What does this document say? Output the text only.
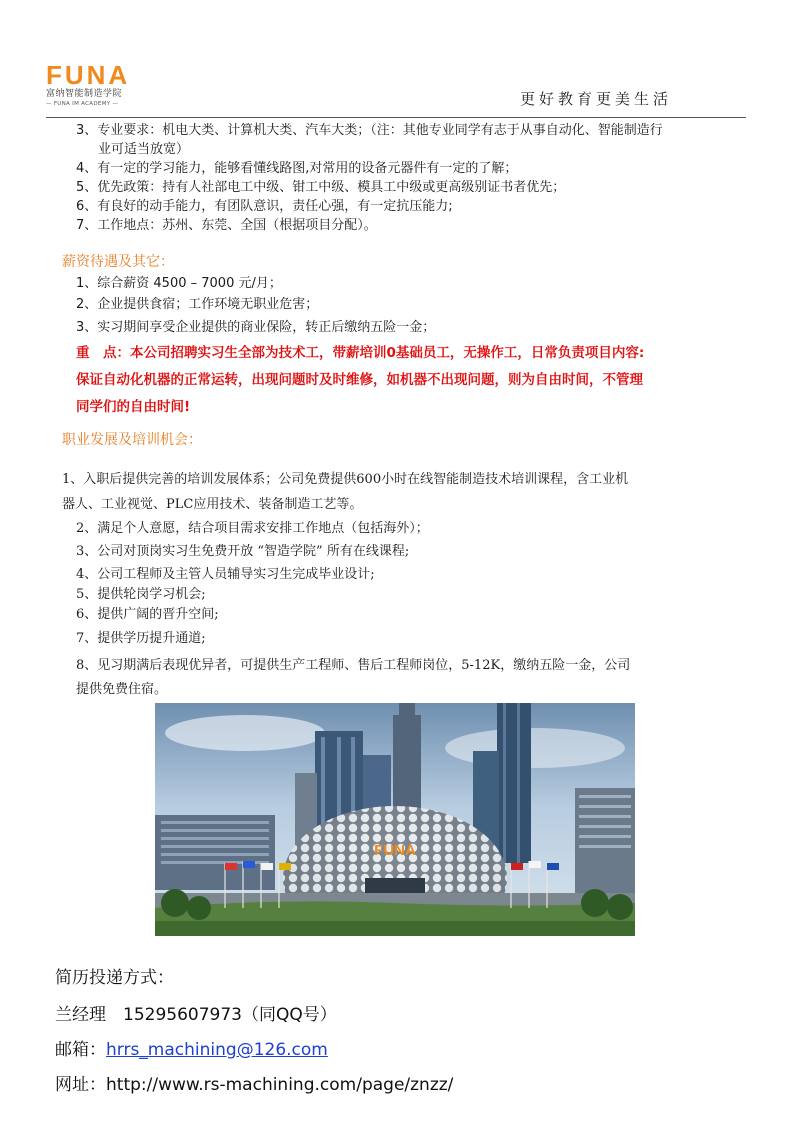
FUNA
富纳智能制造学院
— FUNA IM ACADEMY —	更好教育更美生活
3、专业要求：机电大类、计算机大类、汽车大类；（注：其他专业同学有志于从事自动化、智能制造行
业可适当放宽）
4、有一定的学习能力，能够看懂线路图,对常用的设备元器件有一定的了解；
5、优先政策：持有人社部电工中级、钳工中级、模具工中级或更高级别证书者优先；
6、有良好的动手能力，有团队意识，责任心强，有一定抗压能力;
7、工作地点：苏州、东莞、全国（根据项目分配）。
薪资待遇及其它：
1、综合薪资 4500 – 7000 元/月；
2、企业提供食宿；工作环境无职业危害；
3、实习期间享受企业提供的商业保险，转正后缴纳五险一金；
重　点：本公司招聘实习生全部为技术工，带薪培训0基础员工，无操作工，日常负责项目内容:
保证自动化机器的正常运转，出现问题时及时维修，如机器不出现问题，则为自由时间，不管理
同学们的自由时间!
职业发展及培训机会：
1、入职后提供完善的培训发展体系；公司免费提供600小时在线智能制造技术培训课程，含工业机
器人、工业视觉、PLC应用技术、装备制造工艺等。
2、满足个人意愿，结合项目需求安排工作地点（包括海外）；
3、公司对顶岗实习生免费开放 “智造学院” 所有在线课程;
4、公司工程师及主管人员辅导实习生完成毕业设计;
5、提供轮岗学习机会;
6、提供广阔的晋升空间;
7、提供学历提升通道;
8、见习期满后表现优异者，可提供生产工程师、售后工程师岗位，5-12K，缴纳五险一金，公司
提供免费住宿。
FUNA
简历投递方式：
兰经理　15295607973（同QQ号）
邮箱：hrrs_machining@126.com
网址：http://www.rs-machining.com/page/znzz/
